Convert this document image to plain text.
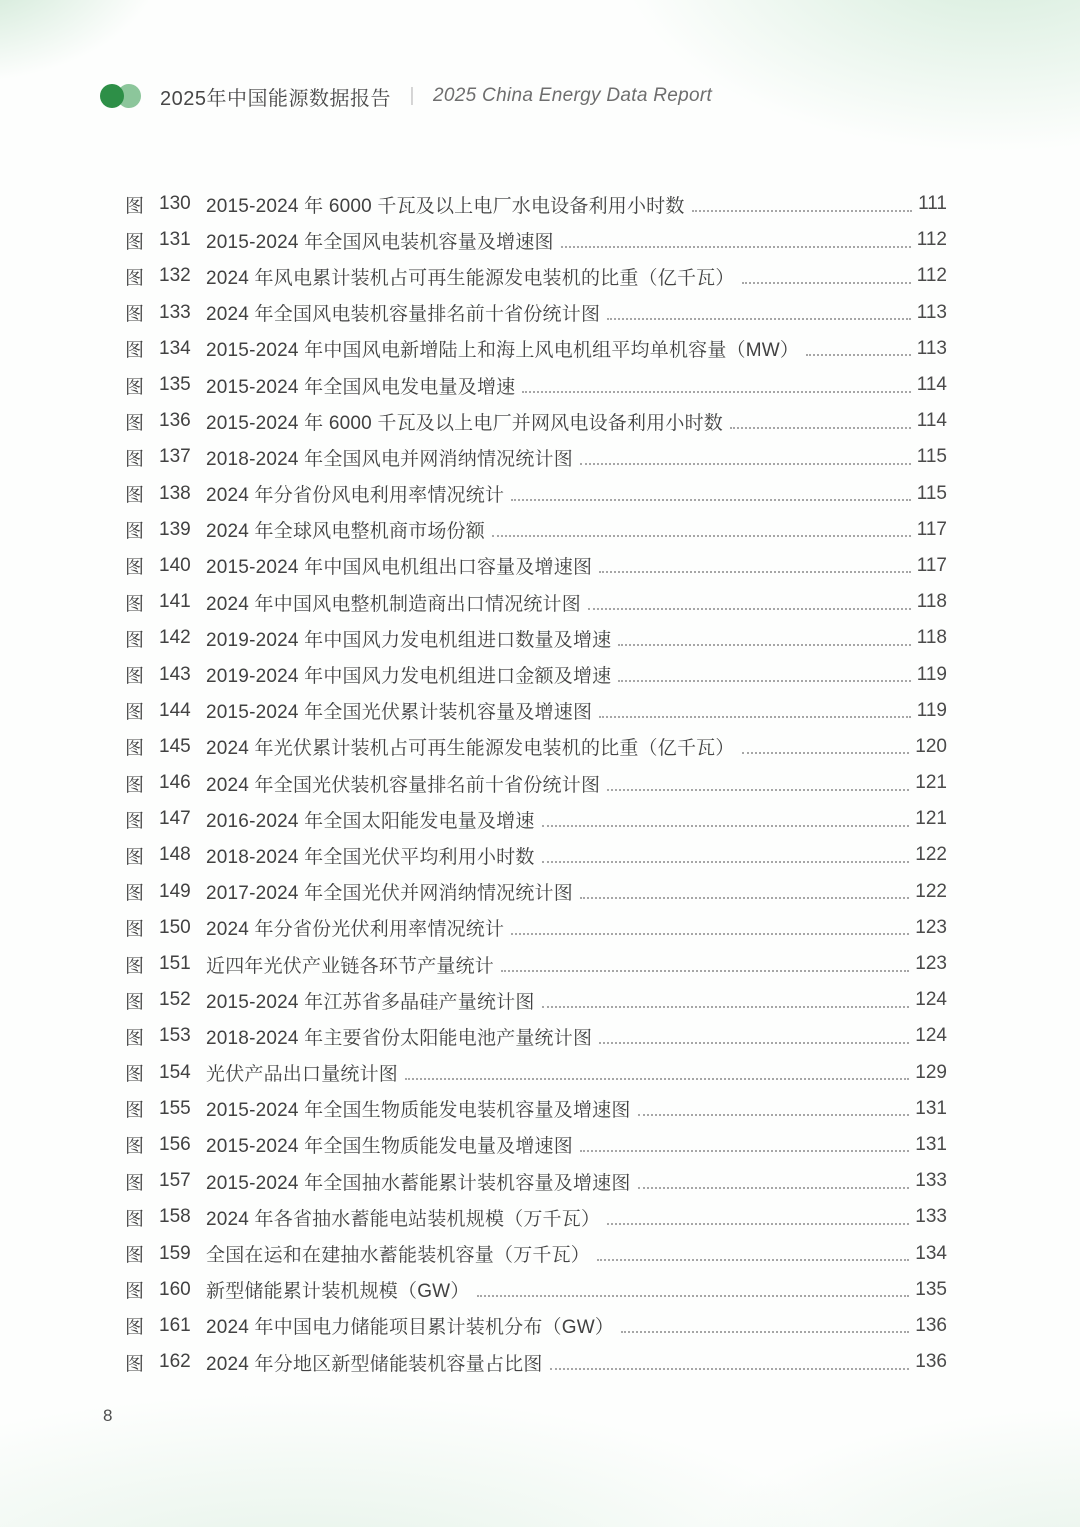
2025年中国能源数据报告 ｜ 2025 China Energy Data Report
图 130 2015-2024 年 6000 千瓦及以上电厂水电设备利用小时数	111
图 131 2015-2024 年全国风电装机容量及增速图	112
图 132 2024 年风电累计装机占可再生能源发电装机的比重（亿千瓦）	112
图 133 2024 年全国风电装机容量排名前十省份统计图	113
图 134 2015-2024 年中国风电新增陆上和海上风电机组平均单机容量（MW）	113
图 135 2015-2024 年全国风电发电量及增速	114
图 136 2015-2024 年 6000 千瓦及以上电厂并网风电设备利用小时数	114
图 137 2018-2024 年全国风电并网消纳情况统计图	115
图 138 2024 年分省份风电利用率情况统计	115
图 139 2024 年全球风电整机商市场份额	117
图 140 2015-2024 年中国风电机组出口容量及增速图	117
图 141 2024 年中国风电整机制造商出口情况统计图	118
图 142 2019-2024 年中国风力发电机组进口数量及增速	118
图 143 2019-2024 年中国风力发电机组进口金额及增速	119
图 144 2015-2024 年全国光伏累计装机容量及增速图	119
图 145 2024 年光伏累计装机占可再生能源发电装机的比重（亿千瓦）	120
图 146 2024 年全国光伏装机容量排名前十省份统计图	121
图 147 2016-2024 年全国太阳能发电量及增速	121
图 148 2018-2024 年全国光伏平均利用小时数	122
图 149 2017-2024 年全国光伏并网消纳情况统计图	122
图 150 2024 年分省份光伏利用率情况统计	123
图 151 近四年光伏产业链各环节产量统计	123
图 152 2015-2024 年江苏省多晶硅产量统计图	124
图 153 2018-2024 年主要省份太阳能电池产量统计图	124
图 154 光伏产品出口量统计图	129
图 155 2015-2024 年全国生物质能发电装机容量及增速图	131
图 156 2015-2024 年全国生物质能发电量及增速图	131
图 157 2015-2024 年全国抽水蓄能累计装机容量及增速图	133
图 158 2024 年各省抽水蓄能电站装机规模（万千瓦）	133
图 159 全国在运和在建抽水蓄能装机容量（万千瓦）	134
图 160 新型储能累计装机规模（GW）	135
图 161 2024 年中国电力储能项目累计装机分布（GW）	136
图 162 2024 年分地区新型储能装机容量占比图	136
8
